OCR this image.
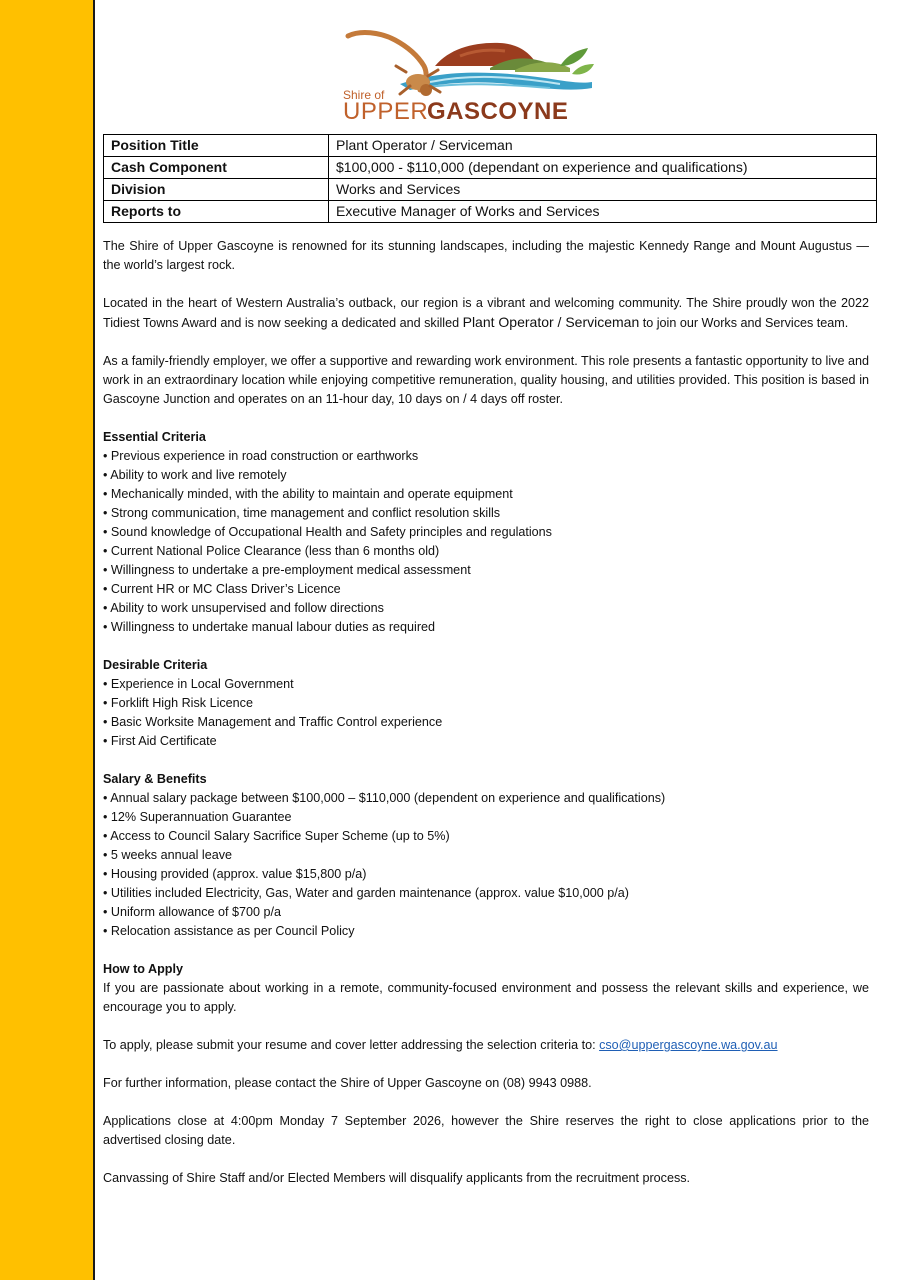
Shire of
UPPER
GASCOYNE
Position Title	Plant Operator / Serviceman
Cash Component	$100,000 - $110,000 (dependant on experience and qualifications)
Division	Works and Services
Reports to	Executive Manager of Works and Services

The Shire of Upper Gascoyne is renowned for its stunning landscapes, including the majestic Kennedy Range and Mount Augustus — the world’s largest rock.

Located in the heart of Western Australia’s outback, our region is a vibrant and welcoming community. The Shire proudly won the 2022 Tidiest Towns Award and is now seeking a dedicated and skilled Plant Operator / Serviceman to join our Works and Services team.

As a family-friendly employer, we offer a supportive and rewarding work environment. This role presents a fantastic opportunity to live and work in an extraordinary location while enjoying competitive remuneration, quality housing, and utilities provided. This position is based in Gascoyne Junction and operates on an 11-hour day, 10 days on / 4 days off roster.

Essential Criteria
• Previous experience in road construction or earthworks
• Ability to work and live remotely
• Mechanically minded, with the ability to maintain and operate equipment
• Strong communication, time management and conflict resolution skills
• Sound knowledge of Occupational Health and Safety principles and regulations
• Current National Police Clearance (less than 6 months old)
• Willingness to undertake a pre-employment medical assessment
• Current HR or MC Class Driver’s Licence
• Ability to work unsupervised and follow directions
• Willingness to undertake manual labour duties as required
Desirable Criteria
• Experience in Local Government
• Forklift High Risk Licence
• Basic Worksite Management and Traffic Control experience
• First Aid Certificate
Salary & Benefits
• Annual salary package between $100,000 – $110,000 (dependent on experience and qualifications)
• 12% Superannuation Guarantee
• Access to Council Salary Sacrifice Super Scheme (up to 5%)
• 5 weeks annual leave
• Housing provided (approx. value $15,800 p/a)
• Utilities included Electricity, Gas, Water and garden maintenance (approx. value $10,000 p/a)
• Uniform allowance of $700 p/a
• Relocation assistance as per Council Policy
How to Apply

If you are passionate about working in a remote, community-focused environment and possess the relevant skills and experience, we encourage you to apply.

To apply, please submit your resume and cover letter addressing the selection criteria to: cso@uppergascoyne.wa.gov.au

For further information, please contact the Shire of Upper Gascoyne on (08) 9943 0988.

Applications close at 4:00pm Monday 7 September 2026, however the Shire reserves the right to close applications prior to the advertised closing date.

Canvassing of Shire Staff and/or Elected Members will disqualify applicants from the recruitment process.
